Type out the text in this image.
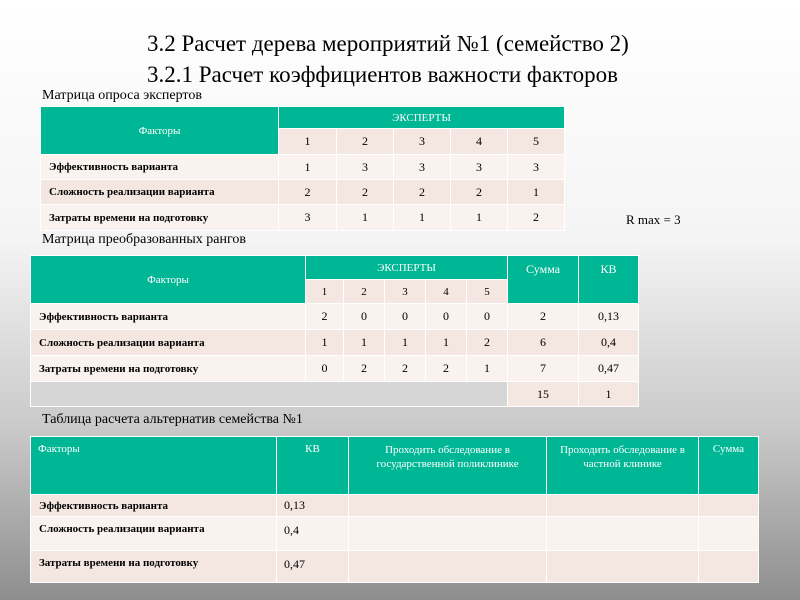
3.2 Расчет дерева мероприятий №1 (семейство 2)
3.2.1 Расчет коэффициентов важности факторов
Матрица опроса экспертов
Факторы	ЭКСПЕРТЫ				
	1	2	3	4	5
Эффективность варианта	1	3	3	3	3
Сложность реализации варианта	2	2	2	2	1
Затраты времени на подготовку	3	1	1	1	2	R max = 3
Матрица преобразованных рангов
Факторы	ЭКСПЕРТЫ					Сумма	КВ
	1	2	3	4	5		
Эффективность варианта	2	0	0	0	0	2	0,13
Сложность реализации варианта	1	1	1	1	2	6	0,4
Затраты времени на подготовку	0	2	2	2	1	7	0,47
						15	1
Таблица расчета альтернатив семейства №1
Факторы	КВ	Проходить обследование в государственной поликлинике	Проходить обследование в частной клинике	Сумма
Эффективность варианта	0,13			
Сложность реализации варианта	0,4			
Затраты времени на подготовку	0,47			
